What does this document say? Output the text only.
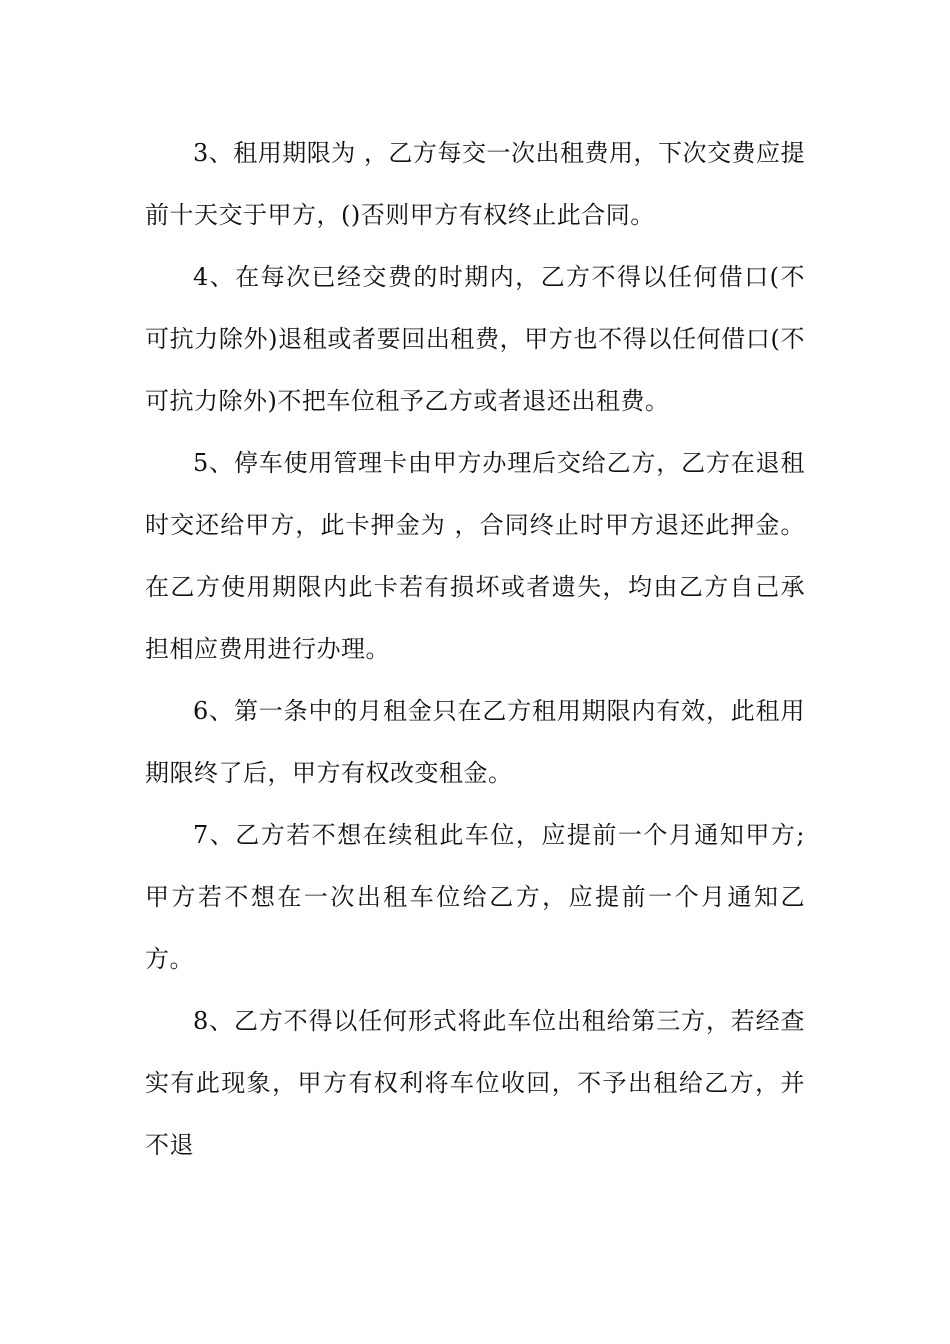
3、租用期限为 ，乙方每交一次出租费用，下次交费应提前十天交于甲方，()否则甲方有权终止此合同。

4、在每次已经交费的时期内，乙方不得以任何借口(不可抗力除外)退租或者要回出租费，甲方也不得以任何借口(不可抗力除外)不把车位租予乙方或者退还出租费。

5、停车使用管理卡由甲方办理后交给乙方，乙方在退租时交还给甲方，此卡押金为 ，合同终止时甲方退还此押金。在乙方使用期限内此卡若有损坏或者遗失，均由乙方自己承担相应费用进行办理。

6、第一条中的月租金只在乙方租用期限内有效，此租用期限终了后，甲方有权改变租金。

7、乙方若不想在续租此车位，应提前一个月通知甲方;甲方若不想在一次出租车位给乙方，应提前一个月通知乙方。

8、乙方不得以任何形式将此车位出租给第三方，若经查实有此现象，甲方有权利将车位收回，不予出租给乙方，并不退
